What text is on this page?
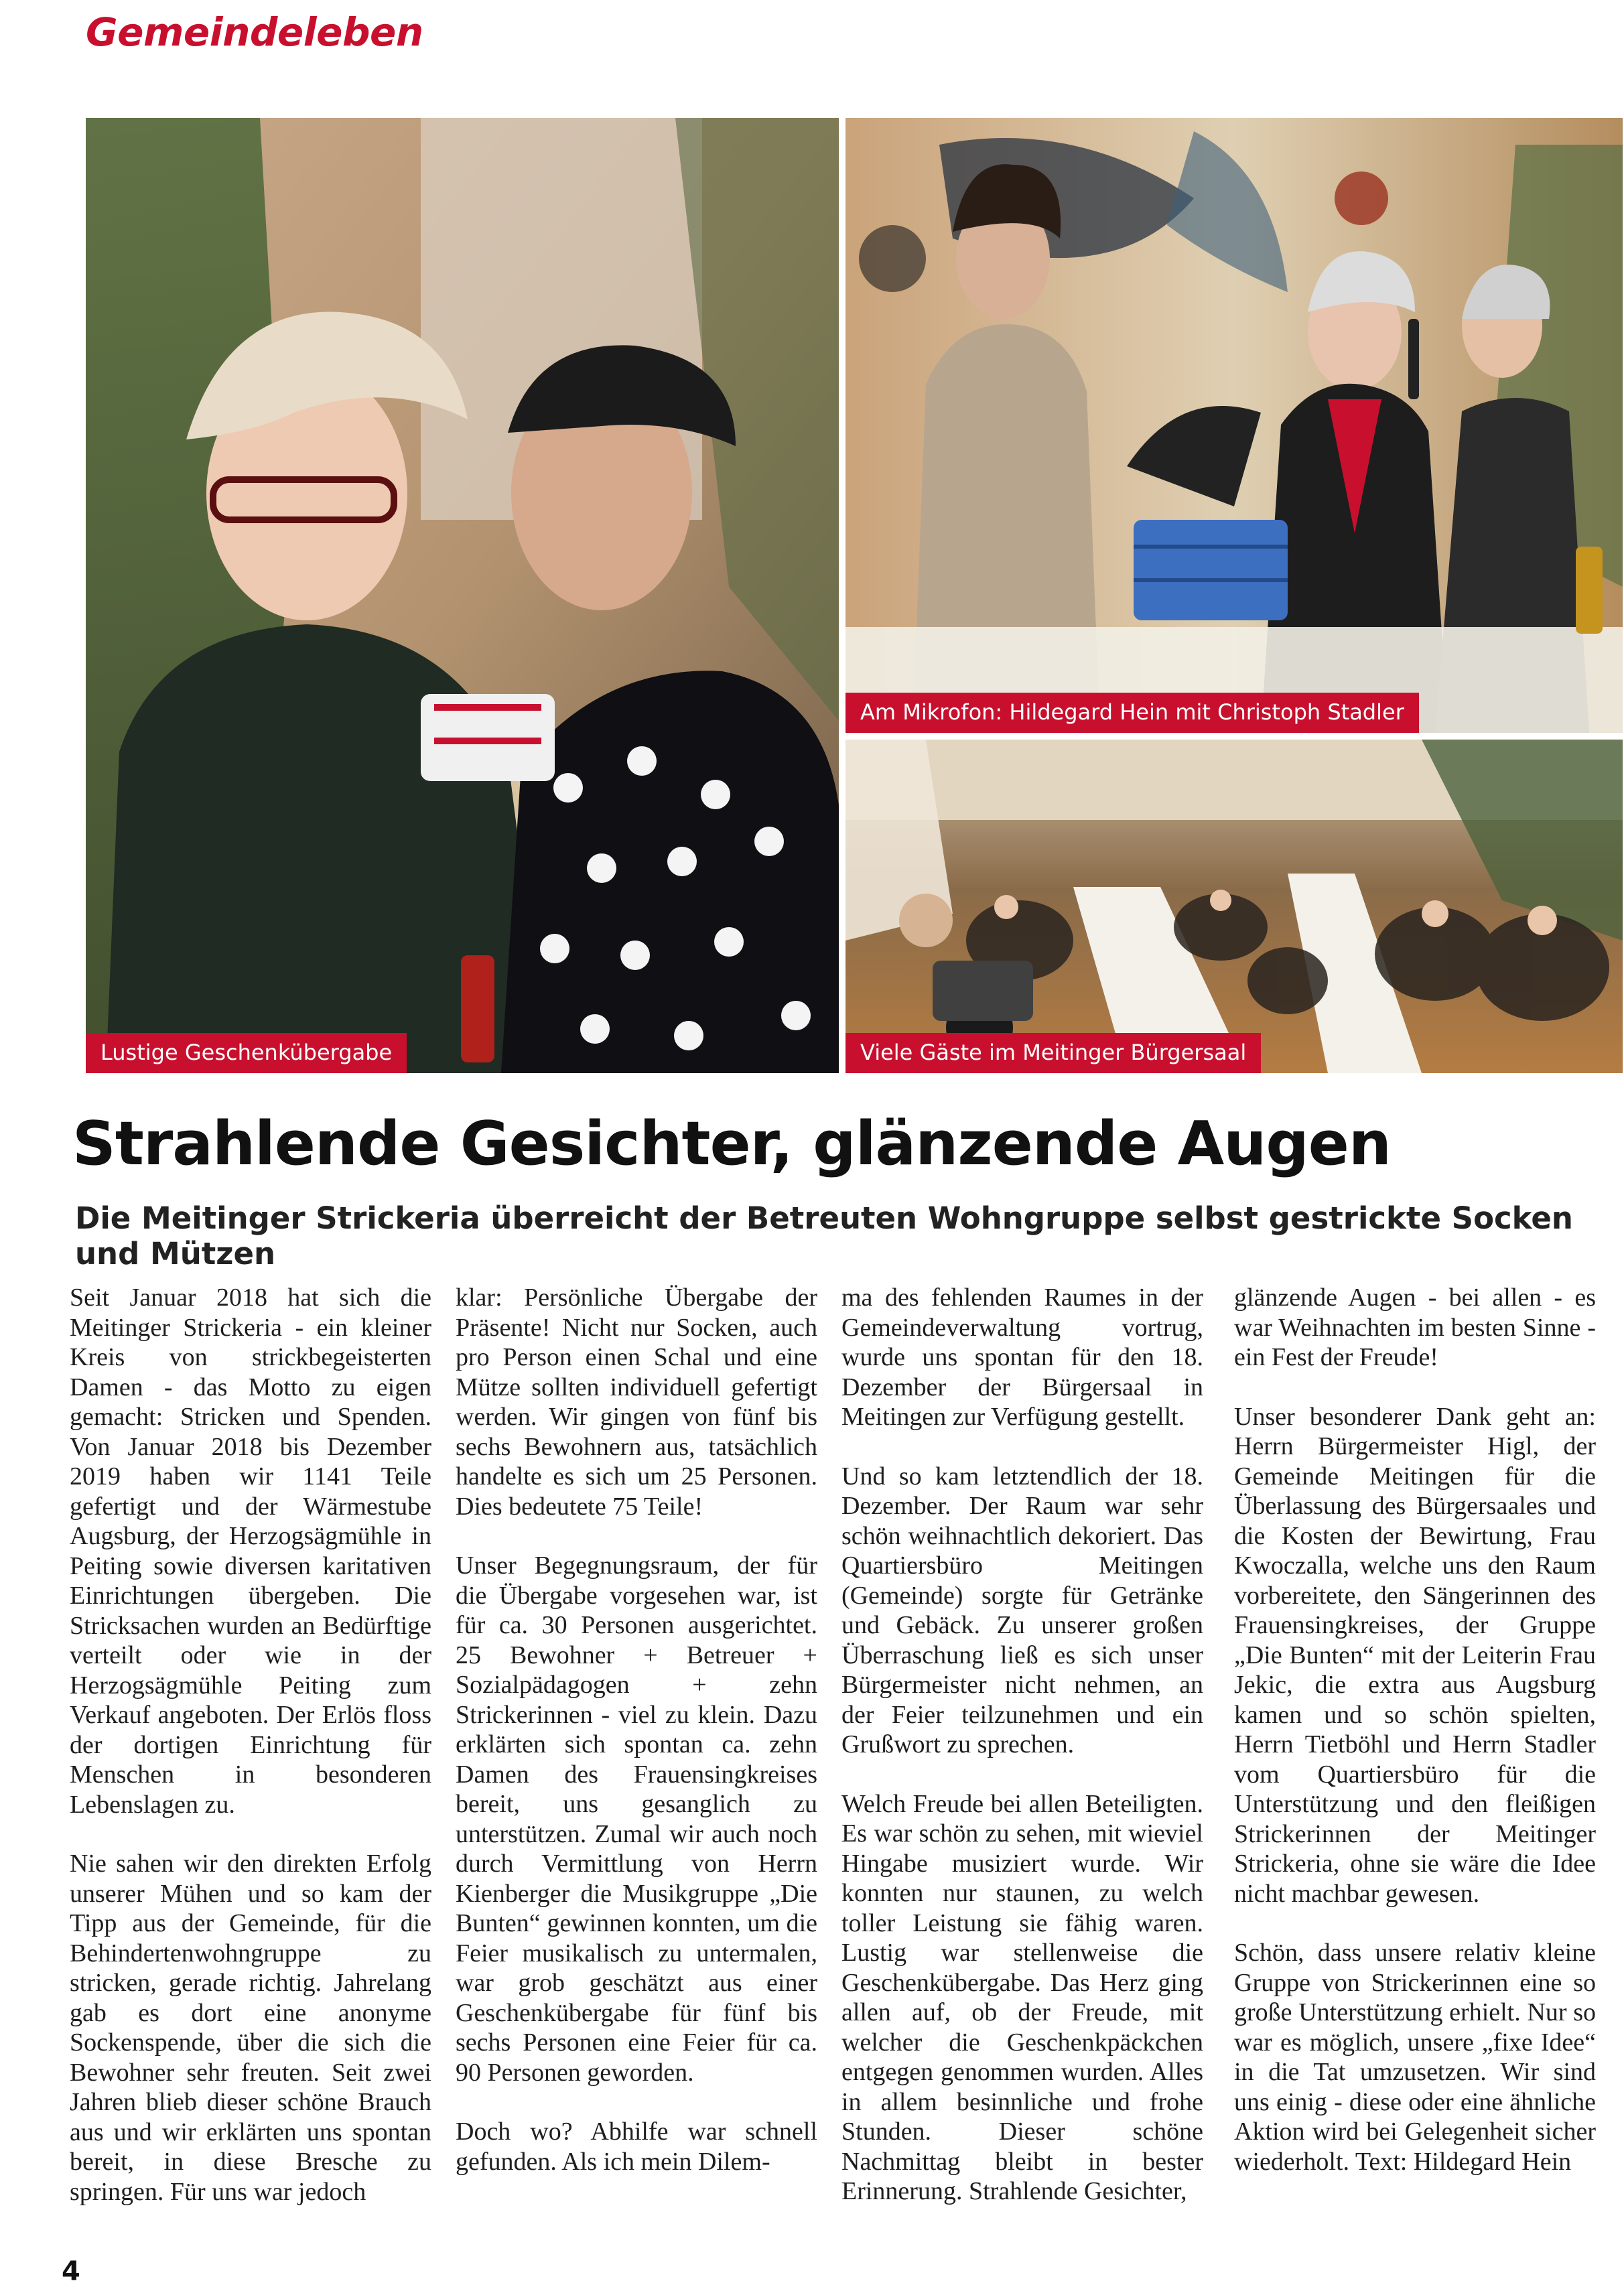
Gemeindeleben
Lustige Geschenkübergabe
Am Mikrofon: Hildegard Hein mit Christoph Stadler
Viele Gäste im Meitinger Bürgersaal
Strahlende Gesichter, glänzende Augen
Die Meitinger Strickeria überreicht der Betreuten Wohngruppe selbst gestrickte Socken und Mützen

Seit Januar 2018 hat sich die Meitinger Strickeria - ein kleiner Kreis von strickbegeisterten Damen - das Motto zu eigen gemacht: Stricken und Spenden. Von Januar 2018 bis Dezember 2019 haben wir 1141 Teile gefertigt und der Wärmestube Augsburg, der Herzogsägmühle in Peiting sowie diversen karitativen Einrichtungen übergeben. Die Stricksachen wurden an Bedürftige verteilt oder wie in der Herzogsägmühle Peiting zum Verkauf angeboten. Der Erlös floss der dortigen Einrichtung für Menschen in besonderen Lebenslagen zu.

Nie sahen wir den direkten Erfolg unserer Mühen und so kam der Tipp aus der Gemeinde, für die Behindertenwohngruppe zu stricken, gerade richtig. Jahrelang gab es dort eine anonyme Sockenspende, über die sich die Bewohner sehr freuten. Seit zwei Jahren blieb dieser schöne Brauch aus und wir erklärten uns spontan bereit, in diese Bresche zu springen. Für uns war jedoch

klar: Persönliche Übergabe der Präsente! Nicht nur Socken, auch pro Person einen Schal und eine Mütze sollten individuell gefertigt werden. Wir gingen von fünf bis sechs Bewohnern aus, tatsächlich handelte es sich um 25 Personen. Dies bedeutete 75 Teile!

Unser Begegnungsraum, der für die Übergabe vorgesehen war, ist für ca. 30 Personen ausgerichtet. 25 Bewohner + Betreuer + Sozialpädagogen + zehn Strickerinnen - viel zu klein. Dazu erklärten sich spontan ca. zehn Damen des Frauensingkreises bereit, uns gesanglich zu unterstützen. Zumal wir auch noch durch Vermittlung von Herrn Kienberger die Musikgruppe „Die Bunten“ gewinnen konnten, um die Feier musikalisch zu untermalen, war grob geschätzt aus einer Geschenkübergabe für fünf bis sechs Personen eine Feier für ca. 90 Personen geworden.

Doch wo? Abhilfe war schnell gefunden. Als ich mein Dilem-

ma des fehlenden Raumes in der Gemeindeverwaltung vortrug, wurde uns spontan für den 18. Dezember der Bürgersaal in Meitingen zur Verfügung gestellt.

Und so kam letztendlich der 18. Dezember. Der Raum war sehr schön weihnachtlich dekoriert. Das Quartiersbüro Meitingen (Gemeinde) sorgte für Getränke und Gebäck. Zu unserer großen Überraschung ließ es sich unser Bürgermeister nicht nehmen, an der Feier teilzunehmen und ein Grußwort zu sprechen.

Welch Freude bei allen Beteiligten. Es war schön zu sehen, mit wieviel Hingabe musiziert wurde. Wir konnten nur staunen, zu welch toller Leistung sie fähig waren. Lustig war stellenweise die Geschenkübergabe. Das Herz ging allen auf, ob der Freude, mit welcher die Geschenkpäckchen entgegen genommen wurden. Alles in allem besinnliche und frohe Stunden. Dieser schöne Nachmittag bleibt in bester Erinnerung. Strahlende Gesichter,

glänzende Augen - bei allen - es war Weihnachten im besten Sinne - ein Fest der Freude!

Unser besonderer Dank geht an: Herrn Bürgermeister Higl, der Gemeinde Meitingen für die Überlassung des Bürgersaales und die Kosten der Bewirtung, Frau Kwoczalla, welche uns den Raum vorbereitete, den Sängerinnen des Frauensingkreises, der Gruppe „Die Bunten“ mit der Leiterin Frau Jekic, die extra aus Augsburg kamen und so schön spielten, Herrn Tietböhl und Herrn Stadler vom Quartiersbüro für die Unterstützung und den fleißigen Strickerinnen der Meitinger Strickeria, ohne sie wäre die Idee nicht machbar gewesen.

Schön, dass unsere relativ kleine Gruppe von Strickerinnen eine so große Unterstützung erhielt. Nur so war es möglich, unsere „fixe Idee“ in die Tat umzusetzen. Wir sind uns einig - diese oder eine ähnliche Aktion wird bei Gelegenheit sicher wiederholt. Text: Hildegard Hein

4
